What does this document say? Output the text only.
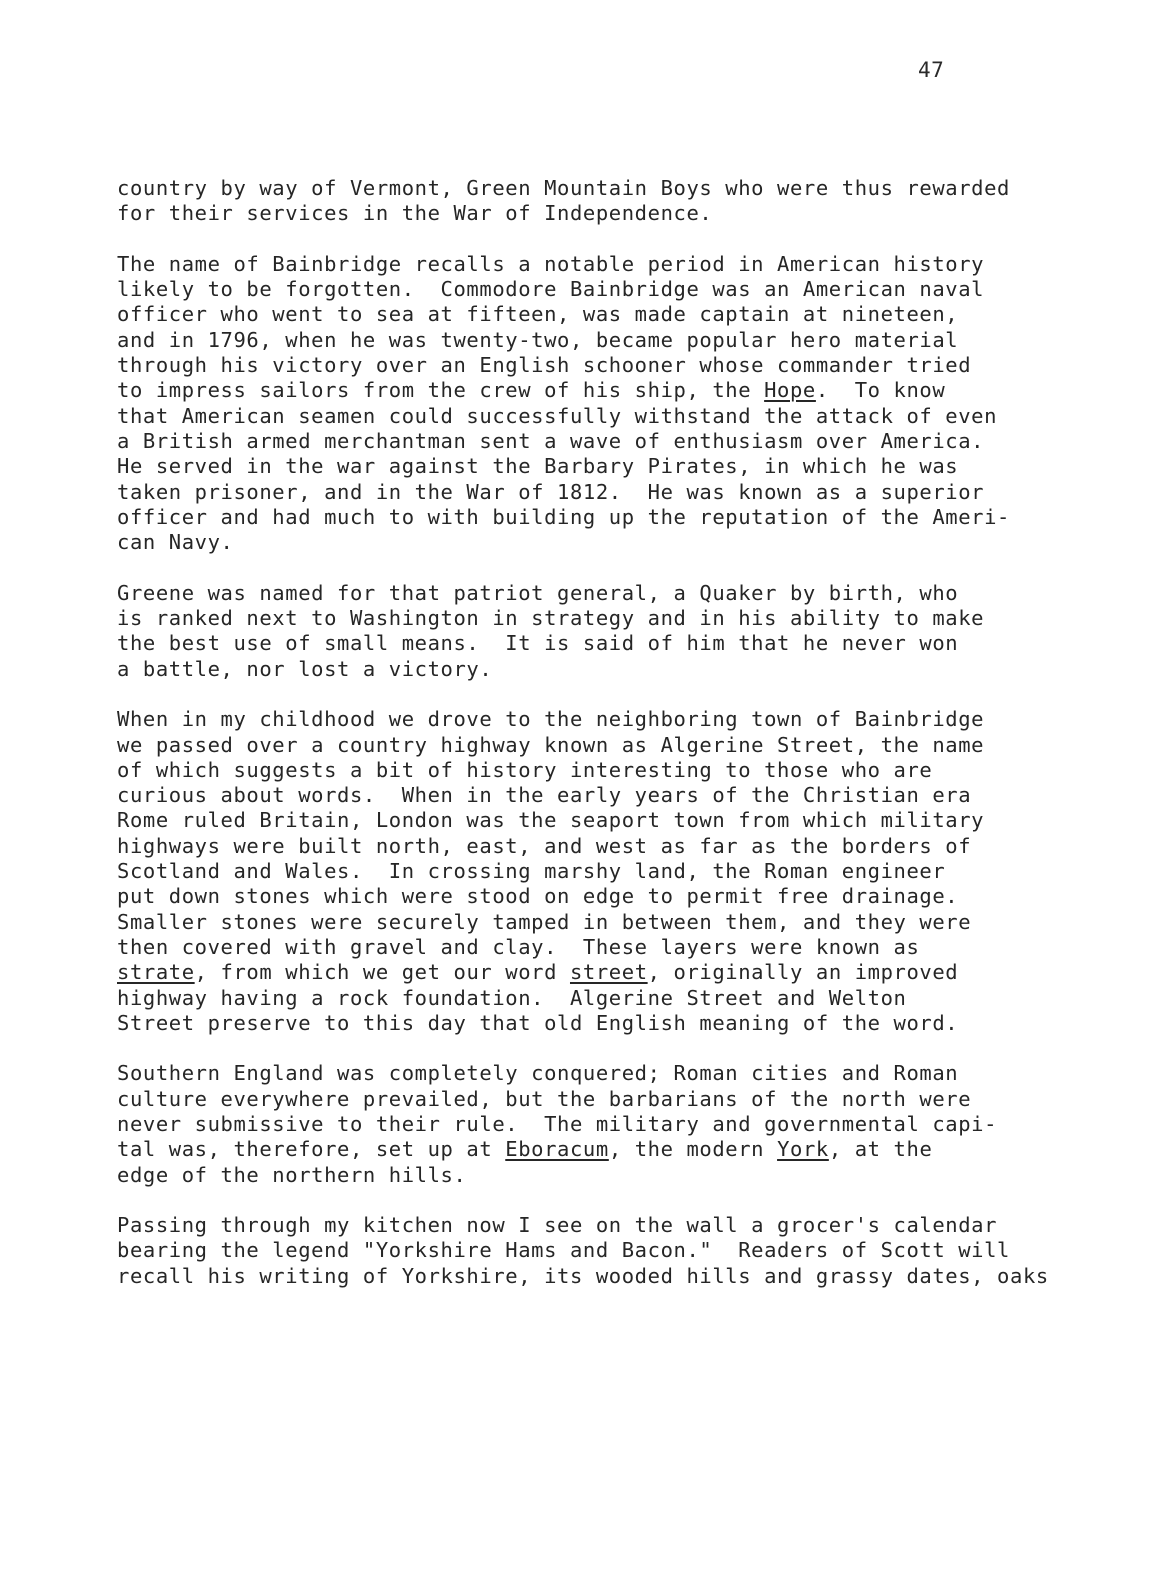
47
country by way of Vermont, Green Mountain Boys who were thus rewarded
for their services in the War of Independence.
The name of Bainbridge recalls a notable period in American history
likely to be forgotten.  Commodore Bainbridge was an American naval
officer who went to sea at fifteen, was made captain at nineteen,
and in 1796, when he was twenty-two, became popular hero material
through his victory over an English schooner whose commander tried
to impress sailors from the crew of his ship, the Hope.  To know
that American seamen could successfully withstand the attack of even
a British armed merchantman sent a wave of enthusiasm over America.
He served in the war against the Barbary Pirates, in which he was
taken prisoner, and in the War of 1812.  He was known as a superior
officer and had much to with building up the reputation of the Ameri-
can Navy.
Greene was named for that patriot general, a Quaker by birth, who
is ranked next to Washington in strategy and in his ability to make
the best use of small means.  It is said of him that he never won
a battle, nor lost a victory.
When in my childhood we drove to the neighboring town of Bainbridge
we passed over a country highway known as Algerine Street, the name
of which suggests a bit of history interesting to those who are
curious about words.  When in the early years of the Christian era
Rome ruled Britain, London was the seaport town from which military
highways were built north, east, and west as far as the borders of
Scotland and Wales.  In crossing marshy land, the Roman engineer
put down stones which were stood on edge to permit free drainage.
Smaller stones were securely tamped in between them, and they were
then covered with gravel and clay.  These layers were known as
strate, from which we get our word street, originally an improved
highway having a rock foundation.  Algerine Street and Welton
Street preserve to this day that old English meaning of the word.
Southern England was completely conquered; Roman cities and Roman
culture everywhere prevailed, but the barbarians of the north were
never submissive to their rule.  The military and governmental capi-
tal was, therefore, set up at Eboracum, the modern York, at the
edge of the northern hills.
Passing through my kitchen now I see on the wall a grocer's calendar
bearing the legend "Yorkshire Hams and Bacon."  Readers of Scott will
recall his writing of Yorkshire, its wooded hills and grassy dates, oaks
